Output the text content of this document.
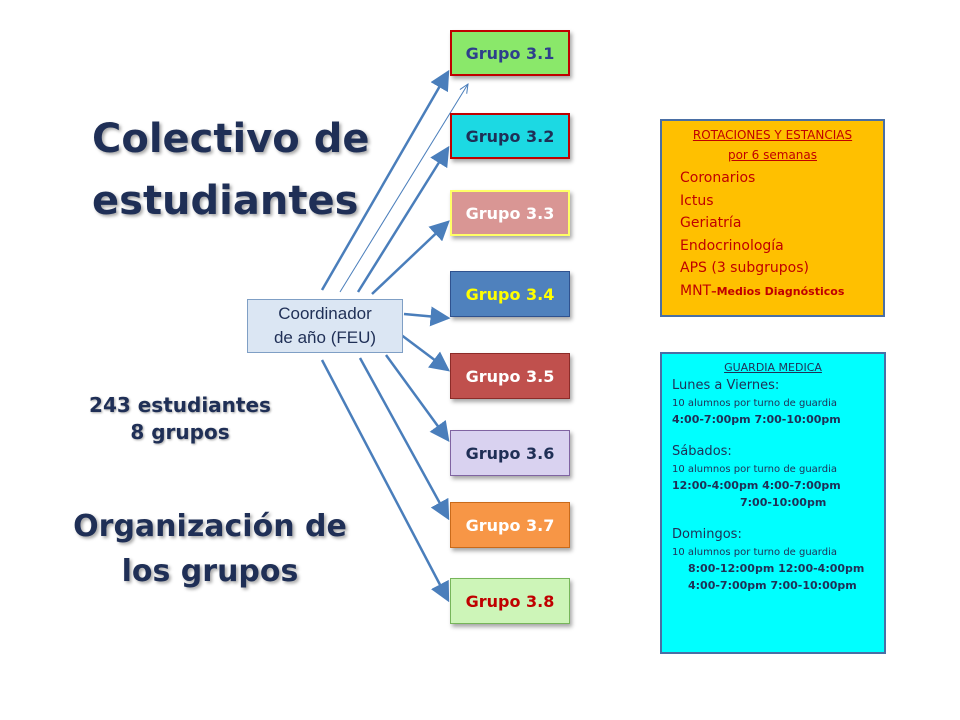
Colectivo de
estudiantes
243 estudiantes
8 grupos
Organización de
los grupos
Coordinador
de año (FEU)
Grupo 3.1
Grupo 3.2
Grupo 3.3
Grupo 3.4
Grupo 3.5
Grupo 3.6
Grupo 3.7
Grupo 3.8
ROTACIONES Y ESTANCIAS
por 6 semanas
Coronarios
Ictus
Geriatría
Endocrinología
APS (3 subgrupos)
MNT–Medios Diagnósticos
GUARDIA MEDICA
Lunes a Viernes:
10 alumnos por turno de guardia
4:00-7:00pm 7:00-10:00pm
Sábados:
10 alumnos por turno de guardia
12:00-4:00pm 4:00-7:00pm
7:00-10:00pm
Domingos:
10 alumnos por turno de guardia
8:00-12:00pm 12:00-4:00pm
4:00-7:00pm 7:00-10:00pm
